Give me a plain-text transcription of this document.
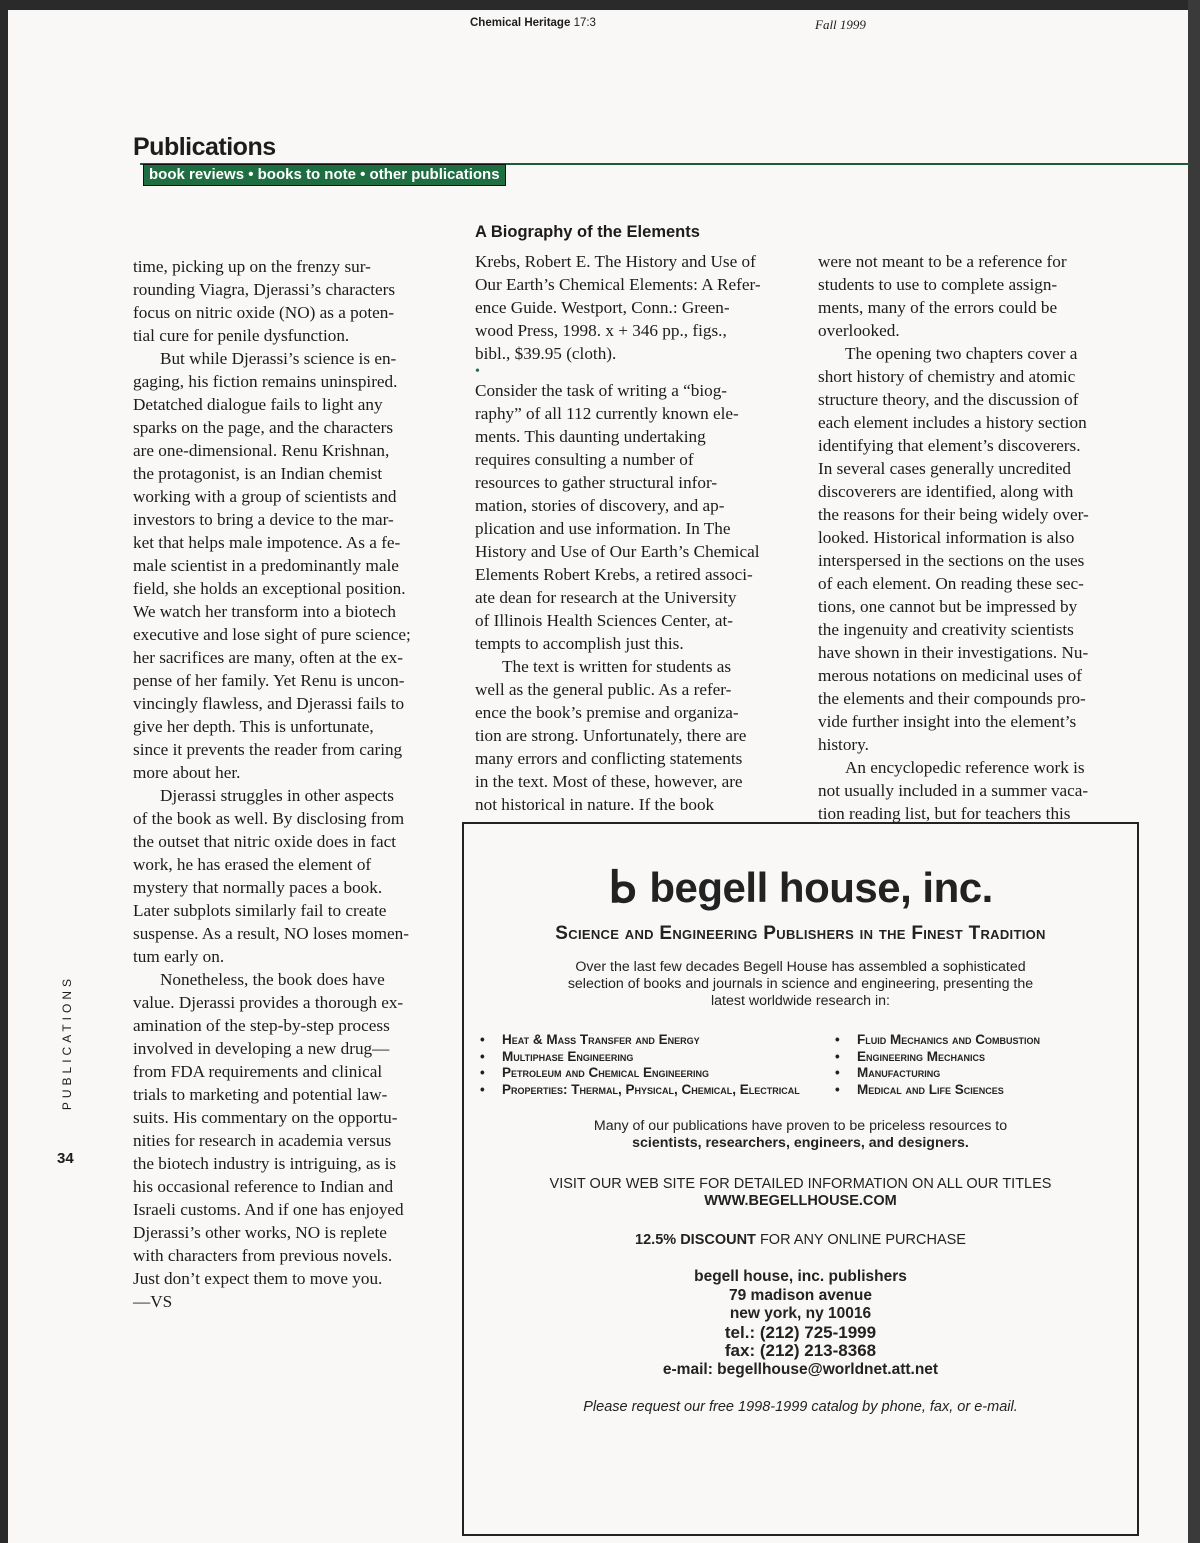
Chemical Heritage 17:3	Fall 1999
Publications
book reviews • books to note • other publications
time, picking up on the frenzy sur-
rounding Viagra, Djerassi’s characters
focus on nitric oxide (NO) as a poten-
tial cure for penile dysfunction.
But while Djerassi’s science is en-
gaging, his fiction remains uninspired.
Detatched dialogue fails to light any
sparks on the page, and the characters
are one-dimensional. Renu Krishnan,
the protagonist, is an Indian chemist
working with a group of scientists and
investors to bring a device to the mar-
ket that helps male impotence. As a fe-
male scientist in a predominantly male
field, she holds an exceptional position.
We watch her transform into a biotech
executive and lose sight of pure science;
her sacrifices are many, often at the ex-
pense of her family. Yet Renu is uncon-
vincingly flawless, and Djerassi fails to
give her depth. This is unfortunate,
since it prevents the reader from caring
more about her.
Djerassi struggles in other aspects
of the book as well. By disclosing from
the outset that nitric oxide does in fact
work, he has erased the element of
mystery that normally paces a book.
Later subplots similarly fail to create
suspense. As a result, NO loses momen-
tum early on.
Nonetheless, the book does have
value. Djerassi provides a thorough ex-
amination of the step-by-step process
involved in developing a new drug—
from FDA requirements and clinical
trials to marketing and potential law-
suits. His commentary on the opportu-
nities for research in academia versus
the biotech industry is intriguing, as is
his occasional reference to Indian and
Israeli customs. And if one has enjoyed
Djerassi’s other works, NO is replete
with characters from previous novels.
Just don’t expect them to move you.
—VS
A Biography of the Elements
Krebs, Robert E. The History and Use of
Our Earth’s Chemical Elements: A Refer-
ence Guide. Westport, Conn.: Green-
wood Press, 1998. x + 346 pp., figs.,
bibl., $39.95 (cloth).
•
Consider the task of writing a “biog-
raphy” of all 112 currently known ele-
ments. This daunting undertaking
requires consulting a number of
resources to gather structural infor-
mation, stories of discovery, and ap-
plication and use information. In The
History and Use of Our Earth’s Chemical
Elements Robert Krebs, a retired associ-
ate dean for research at the University
of Illinois Health Sciences Center, at-
tempts to accomplish just this.
The text is written for students as
well as the general public. As a refer-
ence the book’s premise and organiza-
tion are strong. Unfortunately, there are
many errors and conflicting statements
in the text. Most of these, however, are
not historical in nature. If the book
were not meant to be a reference for
students to use to complete assign-
ments, many of the errors could be
overlooked.
The opening two chapters cover a
short history of chemistry and atomic
structure theory, and the discussion of
each element includes a history section
identifying that element’s discoverers.
In several cases generally uncredited
discoverers are identified, along with
the reasons for their being widely over-
looked. Historical information is also
interspersed in the sections on the uses
of each element. On reading these sec-
tions, one cannot but be impressed by
the ingenuity and creativity scientists
have shown in their investigations. Nu-
merous notations on medicinal uses of
the elements and their compounds pro-
vide further insight into the element’s
history.
An encyclopedic reference work is
not usually included in a summer vaca-
tion reading list, but for teachers this
ᖯ begell house, inc.
Science and Engineering Publishers in the Finest Tradition
Over the last few decades Begell House has assembled a sophisticated
selection of books and journals in science and engineering, presenting the
latest worldwide research in:
• Heat & Mass Transfer and Energy
• Multiphase Engineering
• Petroleum and Chemical Engineering
• Properties: Thermal, Physical, Chemical, Electrical
• Fluid Mechanics and Combustion
• Engineering Mechanics
• Manufacturing
• Medical and Life Sciences
Many of our publications have proven to be priceless resources to
scientists, researchers, engineers, and designers.
VISIT OUR WEB SITE FOR DETAILED INFORMATION ON ALL OUR TITLES
WWW.BEGELLHOUSE.COM
12.5% DISCOUNT FOR ANY ONLINE PURCHASE
begell house, inc. publishers
79 madison avenue
new york, ny 10016
tel.: (212) 725-1999
fax: (212) 213-8368
e-mail: begellhouse@worldnet.att.net
Please request our free 1998-1999 catalog by phone, fax, or e-mail.
PUBLICATIONS
34
